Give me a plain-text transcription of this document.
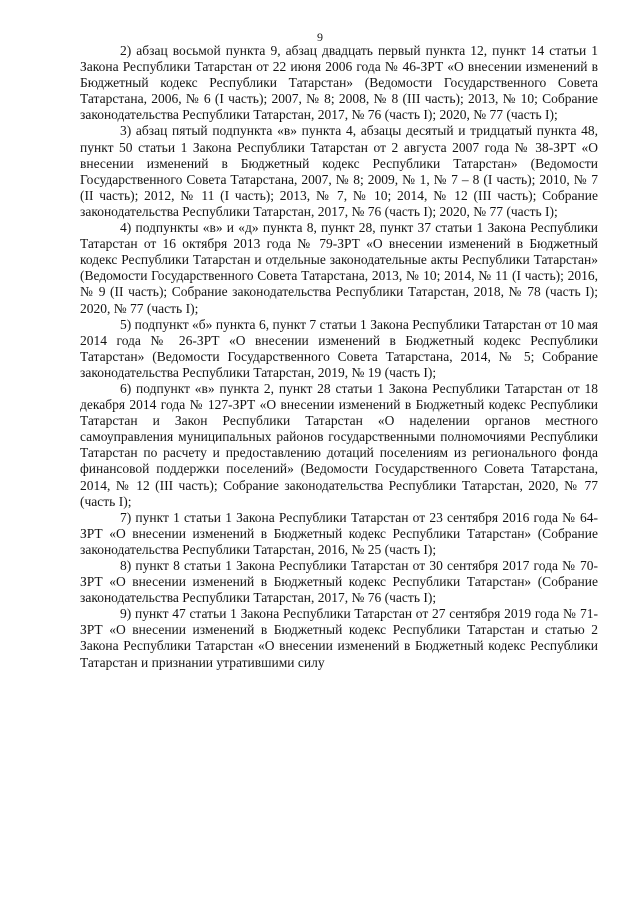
9

2) абзац восьмой пункта 9, абзац двадцать первый пункта 12, пункт 14 статьи 1 Закона Республики Татарстан от 22 июня 2006 года № 46-ЗРТ «О внесении изменений в Бюджетный кодекс Республики Татарстан» (Ведомости Государственного Совета Татарстана, 2006, № 6 (I часть); 2007, № 8; 2008, № 8 (III часть); 2013, № 10; Собрание законодательства Республики Татарстан, 2017, № 76 (часть I); 2020, № 77 (часть I);

3) абзац пятый подпункта «в» пункта 4, абзацы десятый и тридцатый пункта 48, пункт 50 статьи 1 Закона Республики Татарстан от 2 августа 2007 года № 38-ЗРТ «О внесении изменений в Бюджетный кодекс Республики Татарстан» (Ведомости Государственного Совета Татарстана, 2007, № 8; 2009, № 1, № 7 – 8 (I часть); 2010, № 7 (II часть); 2012, № 11 (I часть); 2013, № 7, № 10; 2014, № 12 (III часть); Собрание законодательства Республики Татарстан, 2017, № 76 (часть I); 2020, № 77 (часть I);

4) подпункты «в» и «д» пункта 8, пункт 28, пункт 37 статьи 1 Закона Республики Татарстан от 16 октября 2013 года № 79-ЗРТ «О внесении изменений в Бюджетный кодекс Республики Татарстан и отдельные законодательные акты Республики Татарстан» (Ведомости Государственного Совета Татарстана, 2013, № 10; 2014, № 11 (I часть); 2016, № 9 (II часть); Собрание законодательства Республики Татарстан, 2018, № 78 (часть I); 2020, № 77 (часть I);

5) подпункт «б» пункта 6, пункт 7 статьи 1 Закона Республики Татарстан от 10 мая 2014 года № 26-ЗРТ «О внесении изменений в Бюджетный кодекс Республики Татарстан» (Ведомости Государственного Совета Татарстана, 2014, № 5; Собрание законодательства Республики Татарстан, 2019, № 19 (часть I);

6) подпункт «в» пункта 2, пункт 28 статьи 1 Закона Республики Татарстан от 18 декабря 2014 года № 127-ЗРТ «О внесении изменений в Бюджетный кодекс Республики Татарстан и Закон Республики Татарстан «О наделении органов местного самоуправления муниципальных районов государственными полномочиями Республики Татарстан по расчету и предоставлению дотаций поселениям из регионального фонда финансовой поддержки поселений» (Ведомости Государственного Совета Татарстана, 2014, № 12 (III часть); Собрание законодательства Республики Татарстан, 2020, № 77 (часть I);

7) пункт 1 статьи 1 Закона Республики Татарстан от 23 сентября 2016 года № 64-ЗРТ «О внесении изменений в Бюджетный кодекс Республики Татарстан» (Собрание законодательства Республики Татарстан, 2016, № 25 (часть I);

8) пункт 8 статьи 1 Закона Республики Татарстан от 30 сентября 2017 года № 70-ЗРТ «О внесении изменений в Бюджетный кодекс Республики Татарстан» (Собрание законодательства Республики Татарстан, 2017, № 76 (часть I);

9) пункт 47 статьи 1 Закона Республики Татарстан от 27 сентября 2019 года № 71-ЗРТ «О внесении изменений в Бюджетный кодекс Республики Татарстан и статью 2 Закона Республики Татарстан «О внесении изменений в Бюджетный кодекс Республики Татарстан и признании утратившими силу
